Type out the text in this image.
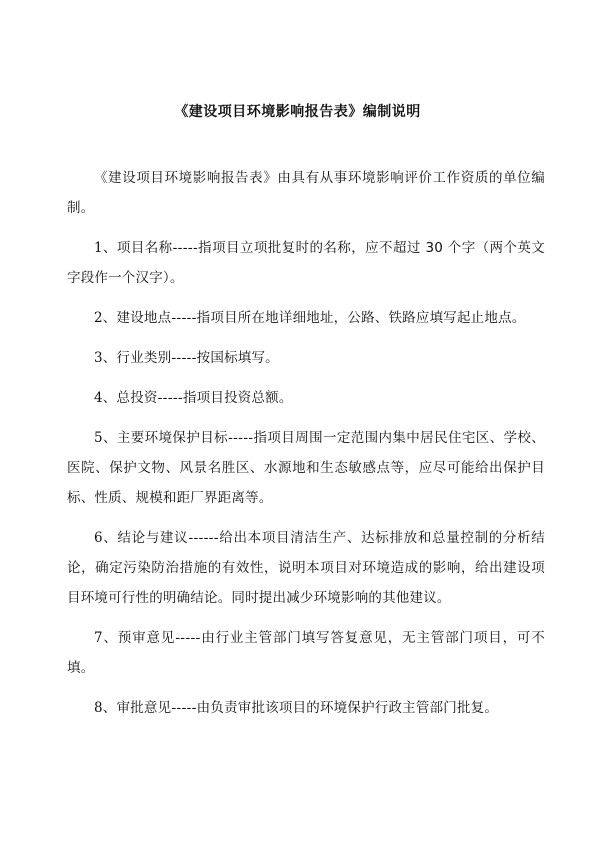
《建设项目环境影响报告表》编制说明

《建设项目环境影响报告表》由具有从事环境影响评价工作资质的单位编制。

1、项目名称-----指项目立项批复时的名称，应不超过 30 个字（两个英文字段作一个汉字）。

2、建设地点-----指项目所在地详细地址，公路、铁路应填写起止地点。

3、行业类别-----按国标填写。

4、总投资-----指项目投资总额。

5、主要环境保护目标-----指项目周围一定范围内集中居民住宅区、学校、医院、保护文物、风景名胜区、水源地和生态敏感点等，应尽可能给出保护目标、性质、规模和距厂界距离等。

6、结论与建议------给出本项目清洁生产、达标排放和总量控制的分析结论，确定污染防治措施的有效性，说明本项目对环境造成的影响，给出建设项目环境可行性的明确结论。同时提出减少环境影响的其他建议。

7、预审意见-----由行业主管部门填写答复意见，无主管部门项目，可不填。

8、审批意见-----由负责审批该项目的环境保护行政主管部门批复。
